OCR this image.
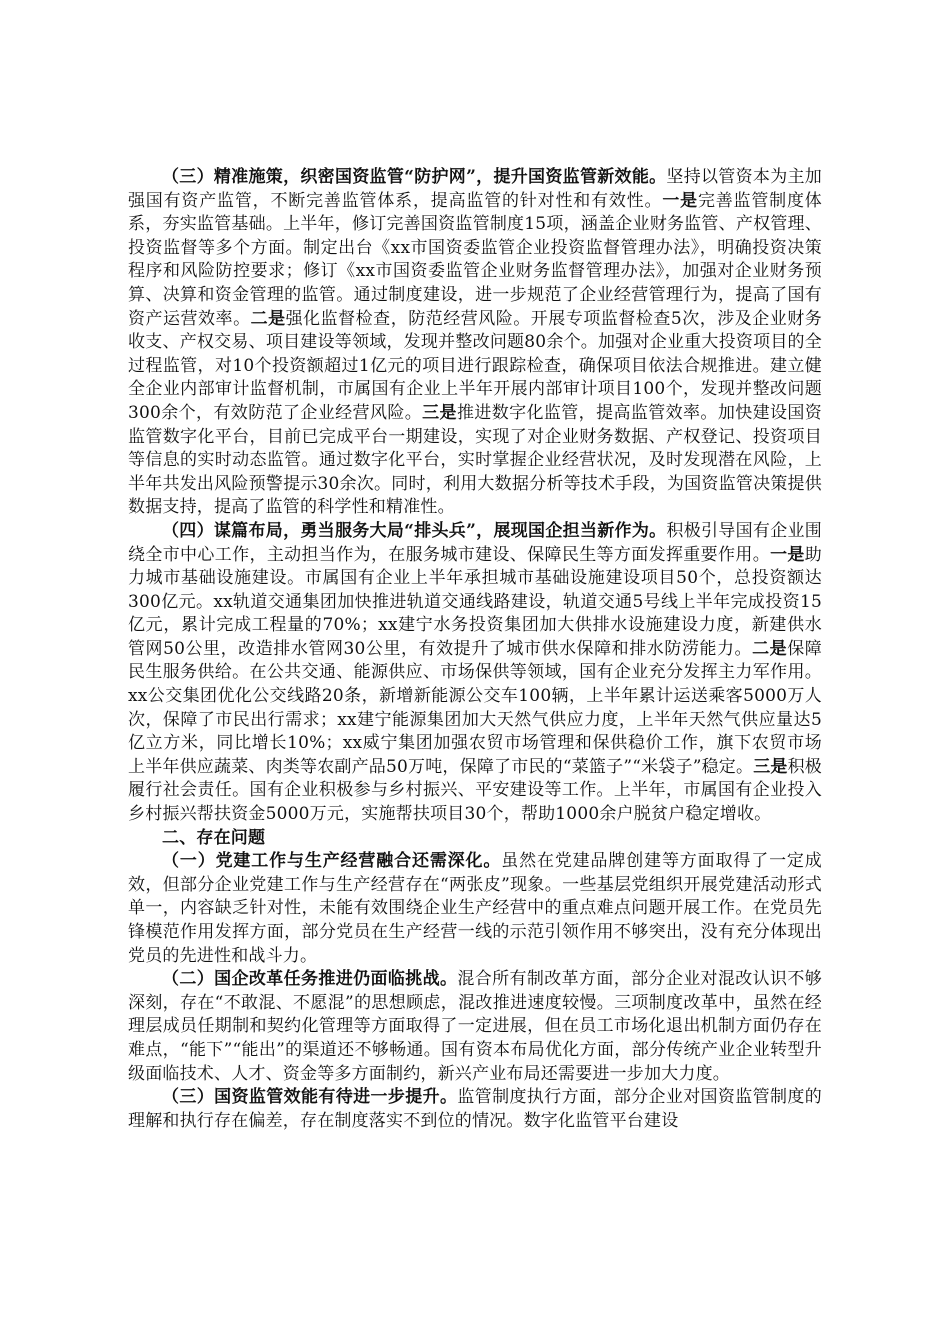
（三）精准施策，织密国资监管“防护网”，提升国资监管新效能。坚持以管资本为主加强国有资产监管，不断完善监管体系，提高监管的针对性和有效性。一是完善监管制度体系，夯实监管基础。上半年，修订完善国资监管制度15项，涵盖企业财务监管、产权管理、投资监督等多个方面。制定出台《xx市国资委监管企业投资监督管理办法》，明确投资决策程序和风险防控要求；修订《xx市国资委监管企业财务监督管理办法》，加强对企业财务预算、决算和资金管理的监管。通过制度建设，进一步规范了企业经营管理行为，提高了国有资产运营效率。二是强化监督检查，防范经营风险。开展专项监督检查5次，涉及企业财务收支、产权交易、项目建设等领域，发现并整改问题80余个。加强对企业重大投资项目的全过程监管，对10个投资额超过1亿元的项目进行跟踪检查，确保项目依法合规推进。建立健全企业内部审计监督机制，市属国有企业上半年开展内部审计项目100个，发现并整改问题300余个，有效防范了企业经营风险。三是推进数字化监管，提高监管效率。加快建设国资监管数字化平台，目前已完成平台一期建设，实现了对企业财务数据、产权登记、投资项目等信息的实时动态监管。通过数字化平台，实时掌握企业经营状况，及时发现潜在风险，上半年共发出风险预警提示30余次。同时，利用大数据分析等技术手段，为国资监管决策提供数据支持，提高了监管的科学性和精准性。

（四）谋篇布局，勇当服务大局“排头兵”，展现国企担当新作为。积极引导国有企业围绕全市中心工作，主动担当作为，在服务城市建设、保障民生等方面发挥重要作用。一是助力城市基础设施建设。市属国有企业上半年承担城市基础设施建设项目50个，总投资额达300亿元。xx轨道交通集团加快推进轨道交通线路建设，轨道交通5号线上半年完成投资15亿元，累计完成工程量的70%；xx建宁水务投资集团加大供排水设施建设力度，新建供水管网50公里，改造排水管网30公里，有效提升了城市供水保障和排水防涝能力。二是保障民生服务供给。在公共交通、能源供应、市场保供等领域，国有企业充分发挥主力军作用。xx公交集团优化公交线路20条，新增新能源公交车100辆，上半年累计运送乘客5000万人次，保障了市民出行需求；xx建宁能源集团加大天然气供应力度，上半年天然气供应量达5亿立方米，同比增长10%；xx威宁集团加强农贸市场管理和保供稳价工作，旗下农贸市场上半年供应蔬菜、肉类等农副产品50万吨，保障了市民的“菜篮子”“米袋子”稳定。三是积极履行社会责任。国有企业积极参与乡村振兴、平安建设等工作。上半年，市属国有企业投入乡村振兴帮扶资金5000万元，实施帮扶项目30个，帮助1000余户脱贫户稳定增收。

二、存在问题

（一）党建工作与生产经营融合还需深化。虽然在党建品牌创建等方面取得了一定成效，但部分企业党建工作与生产经营存在“两张皮”现象。一些基层党组织开展党建活动形式单一，内容缺乏针对性，未能有效围绕企业生产经营中的重点难点问题开展工作。在党员先锋模范作用发挥方面，部分党员在生产经营一线的示范引领作用不够突出，没有充分体现出党员的先进性和战斗力。

（二）国企改革任务推进仍面临挑战。混合所有制改革方面，部分企业对混改认识不够深刻，存在“不敢混、不愿混”的思想顾虑，混改推进速度较慢。三项制度改革中，虽然在经理层成员任期制和契约化管理等方面取得了一定进展，但在员工市场化退出机制方面仍存在难点，“能下”“能出”的渠道还不够畅通。国有资本布局优化方面，部分传统产业企业转型升级面临技术、人才、资金等多方面制约，新兴产业布局还需要进一步加大力度。

（三）国资监管效能有待进一步提升。监管制度执行方面，部分企业对国资监管制度的理解和执行存在偏差，存在制度落实不到位的情况。数字化监管平台建设
